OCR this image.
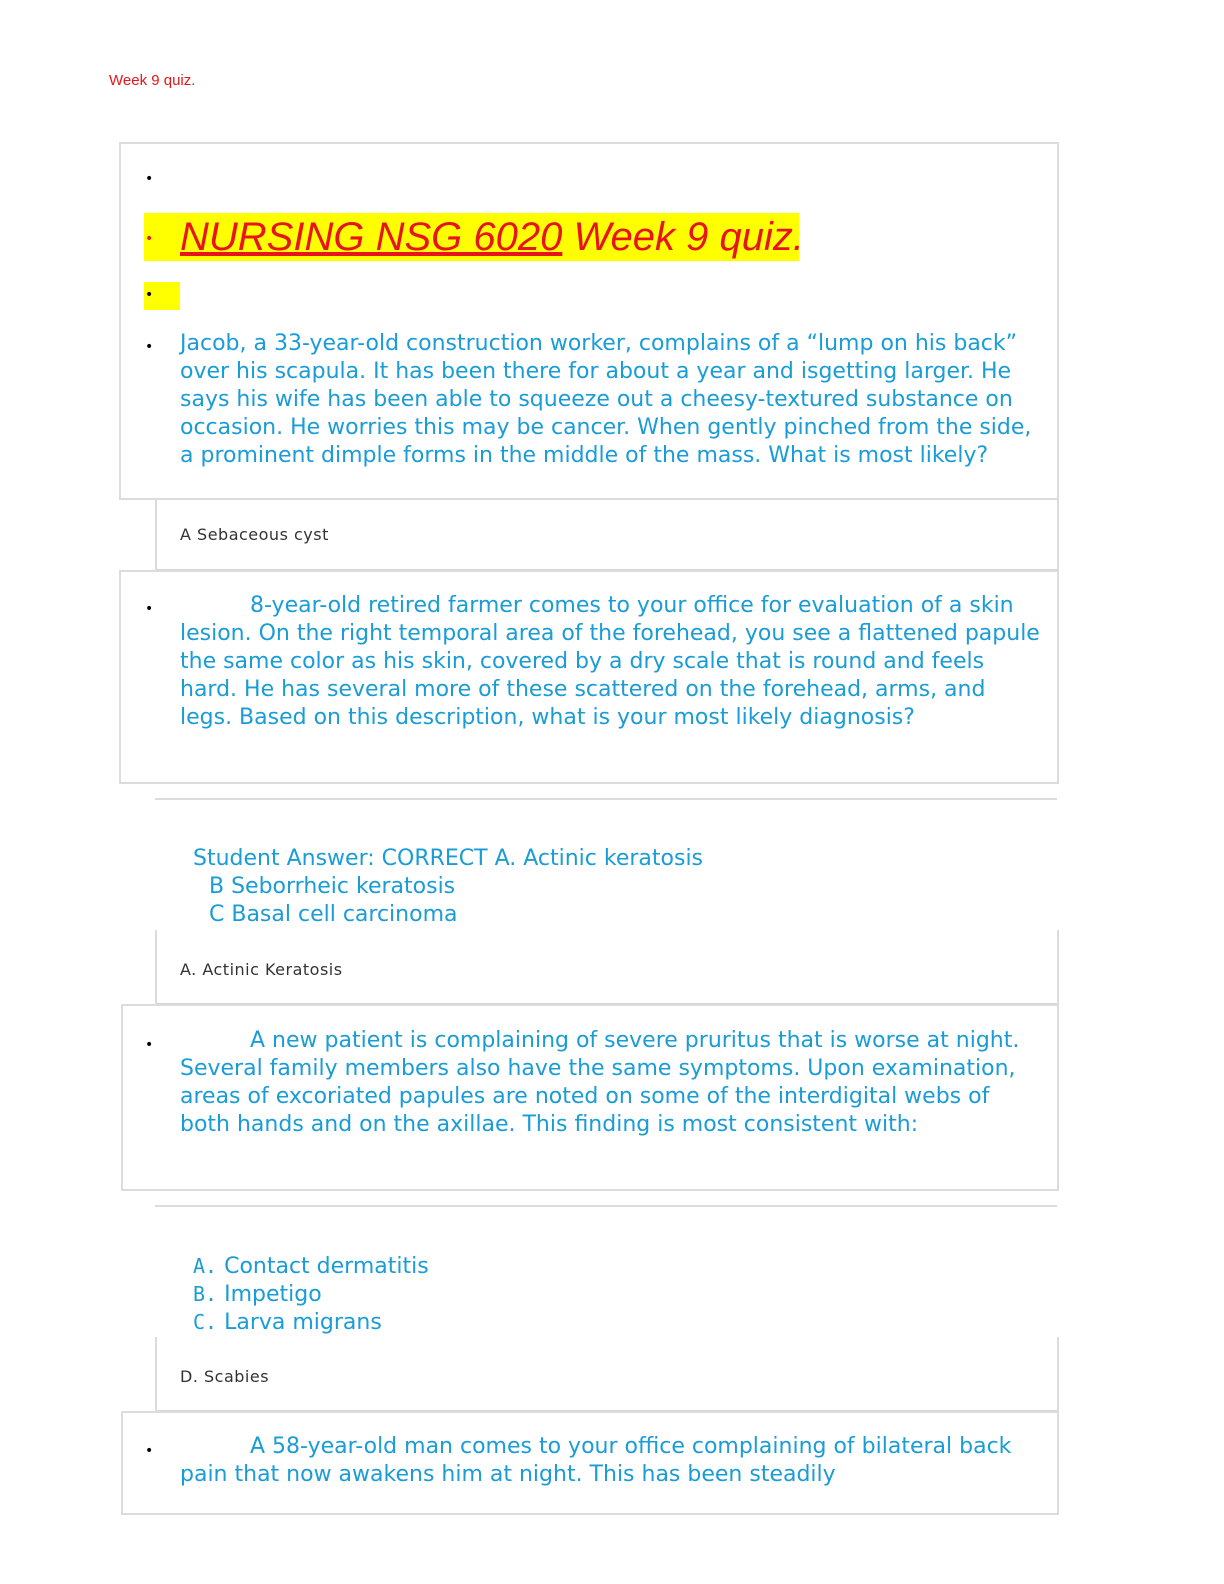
Week 9 quiz.
•
• NURSING NSG 6020 Week 9 quiz.
•
• Jacob, a 33-year-old construction worker, complains of a “lump on his back” over his scapula. It has been there for about a year and isgetting larger. He says his wife has been able to squeeze out a cheesy-textured substance on occasion. He worries this may be cancer. When gently pinched from the side, a prominent dimple forms in the middle of the mass. What is most likely?
A Sebaceous cyst
•	8-year-old retired farmer comes to your office for evaluation of a skin lesion. On the right temporal area of the forehead, you see a flattened papule the same color as his skin, covered by a dry scale that is round and feels hard. He has several more of these scattered on the forehead, arms, and legs. Based on this description, what is your most likely diagnosis?
Student Answer: CORRECT A. Actinic keratosis
B Seborrheic keratosis
C Basal cell carcinoma
A. Actinic Keratosis
•	A new patient is complaining of severe pruritus that is worse at night. Several family members also have the same symptoms. Upon examination, areas of excoriated papules are noted on some of the interdigital webs of both hands and on the axillae. This finding is most consistent with:
A. Contact dermatitis
B. Impetigo
C. Larva migrans
D. Scabies
•	A 58-year-old man comes to your office complaining of bilateral back pain that now awakens him at night. This has been steadily
